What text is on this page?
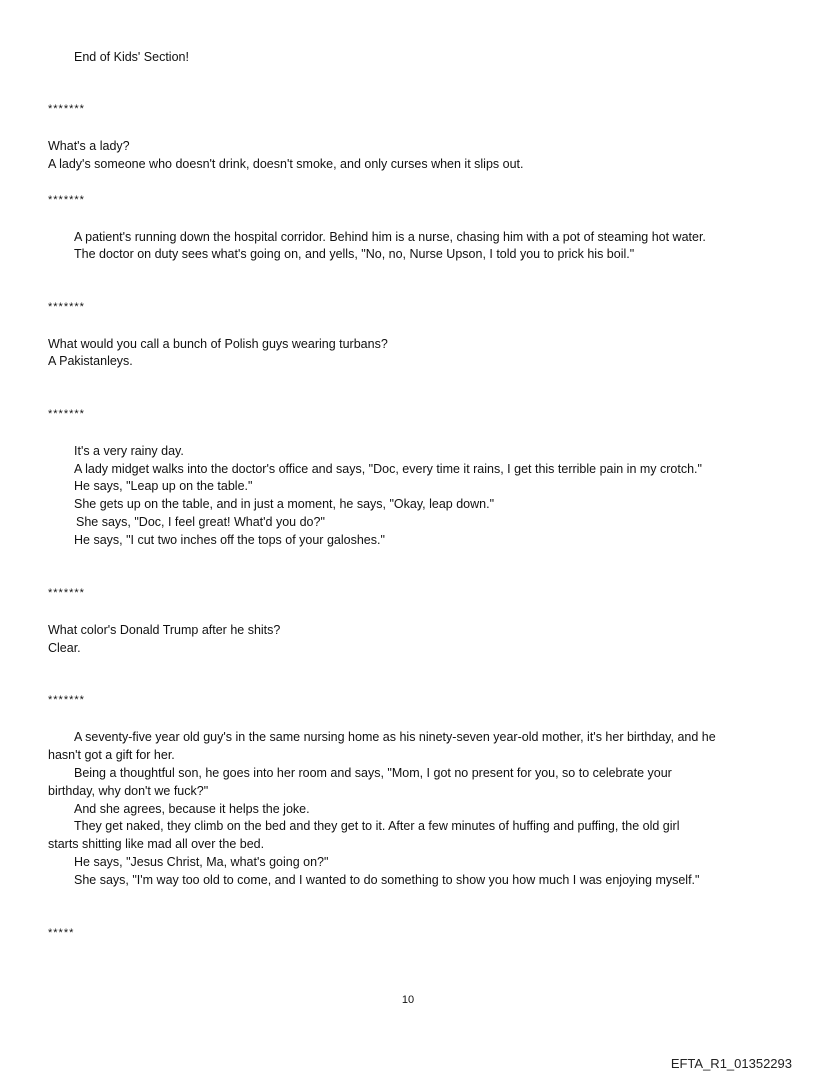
End of Kids' Section!
*******
What's a lady?
A lady's someone who doesn't drink, doesn't smoke, and only curses when it slips out.
*******
A patient's running down the hospital corridor. Behind him is a nurse, chasing him with a pot of steaming hot water.
The doctor on duty sees what's going on, and yells, "No, no, Nurse Upson, I told you to prick his boil."
*******
What would you call a bunch of Polish guys wearing turbans?
A Pakistanleys.
*******
It's a very rainy day.
A lady midget walks into the doctor's office and says, "Doc, every time it rains, I get this terrible pain in my crotch."
He says, "Leap up on the table."
She gets up on the table, and in just a moment, he says, "Okay, leap down."
She says, "Doc, I feel great! What'd you do?"
He says, "I cut two inches off the tops of your galoshes."
*******
What color's Donald Trump after he shits?
Clear.
*******
A seventy-five year old guy's in the same nursing home as his ninety-seven year-old mother, it's her birthday, and he
hasn't got a gift for her.
Being a thoughtful son, he goes into her room and says, "Mom, I got no present for you, so to celebrate your
birthday, why don't we fuck?"
And she agrees, because it helps the joke.
They get naked, they climb on the bed and they get to it. After a few minutes of huffing and puffing, the old girl
starts shitting like mad all over the bed.
He says, "Jesus Christ, Ma, what's going on?"
She says, "I'm way too old to come, and I wanted to do something to show you how much I was enjoying myself."
*****
10
EFTA_R1_01352293
